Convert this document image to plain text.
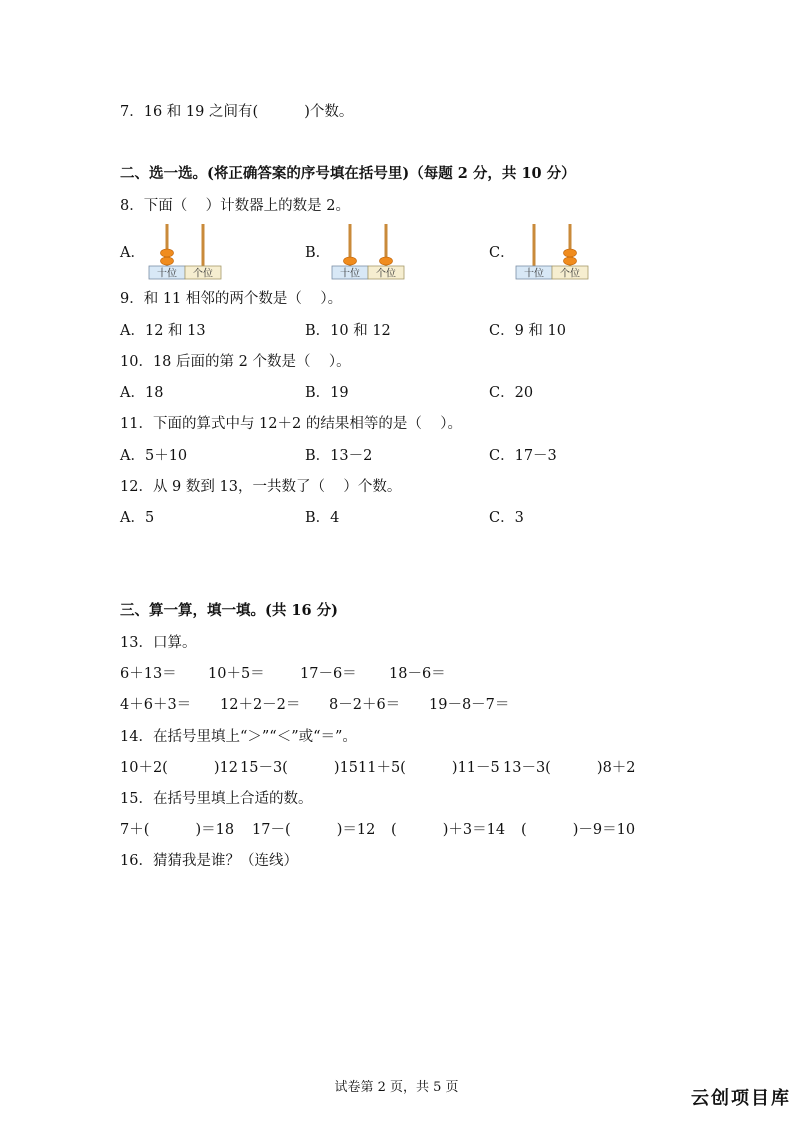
7．16 和 19 之间有(          )个数。
二、选一选。(将正确答案的序号填在括号里)（每题 2 分，共 10 分）
8．下面（    ）计数器上的数是 2。
A．
十位 个位
B．
十位 个位
C．
十位 个位
9．和 11 相邻的两个数是（    ）。
A．12 和 13	B．10 和 12	C．9 和 10
10．18 后面的第 2 个数是（    ）。
A．18	B．19	C．20
11．下面的算式中与 12＋2 的结果相等的是（    ）。
A．5＋10	B．13－2	C．17－3
12．从 9 数到 13，一共数了（    ）个数。
A．5	B．4	C．3
三、算一算，填一填。(共 16 分)
13．口算。
6＋13＝ 10＋5＝ 17－6＝ 18－6＝
4＋6＋3＝ 12＋2－2＝ 8－2＋6＝ 19－8－7＝
14．在括号里填上“＞”“＜”或“＝”。
10＋2(          )12 15－3(          )15 11＋5(          )11－5 13－3(          )8＋2
15．在括号里填上合适的数。
7＋(          )＝18 17－(          )＝12 (          )＋3＝14 (          )－9＝10
16．猜猜我是谁？（连线）
试卷第 2 页，共 5 页
云创项目库
